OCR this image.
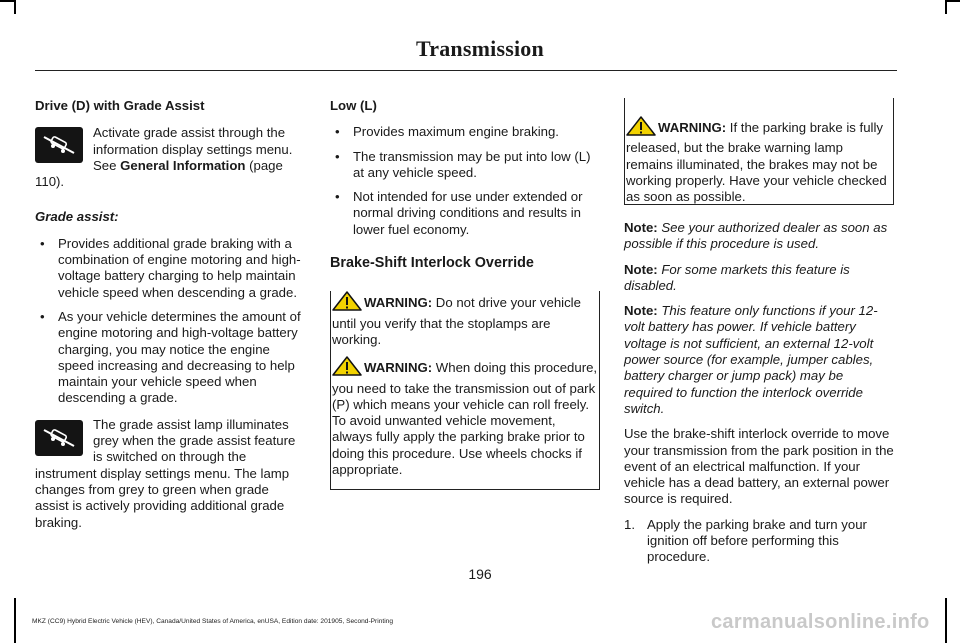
Transmission

Drive (D) with Grade Assist

Activate grade assist through the information display settings menu. See General Information (page 110).

Grade assist:

• Provides additional grade braking with a combination of engine motoring and high-voltage battery charging to help maintain vehicle speed when descending a grade.
• As your vehicle determines the amount of engine motoring and high-voltage battery charging, you may notice the engine speed increasing and decreasing to help maintain your vehicle speed when descending a grade.
The grade assist lamp illuminates grey when the grade assist feature is switched on through the instrument display settings menu. The lamp changes from grey to green when grade assist is actively providing additional grade braking.

Low (L)

• Provides maximum engine braking.
• The transmission may be put into low (L) at any vehicle speed.
• Not intended for use under extended or normal driving conditions and results in lower fuel economy.

Brake-Shift Interlock Override

WARNING: Do not drive your vehicle until you verify that the stoplamps are working.

WARNING: When doing this procedure, you need to take the transmission out of park (P) which means your vehicle can roll freely. To avoid unwanted vehicle movement, always fully apply the parking brake prior to doing this procedure. Use wheels chocks if appropriate.

WARNING: If the parking brake is fully released, but the brake warning lamp remains illuminated, the brakes may not be working properly. Have your vehicle checked as soon as possible.

Note: See your authorized dealer as soon as possible if this procedure is used.

Note: For some markets this feature is disabled.

Note: This feature only functions if your 12-volt battery has power. If vehicle battery voltage is not sufficient, an external 12-volt power source (for example, jumper cables, battery charger or jump pack) may be required to function the interlock override switch.

Use the brake-shift interlock override to move your transmission from the park position in the event of an electrical malfunction. If your vehicle has a dead battery, an external power source is required.

1. Apply the parking brake and turn your ignition off before performing this procedure.
196
MKZ (CC9) Hybrid Electric Vehicle (HEV), Canada/United States of America, enUSA, Edition date: 201905, Second-Printing	carmanualsonline.info
